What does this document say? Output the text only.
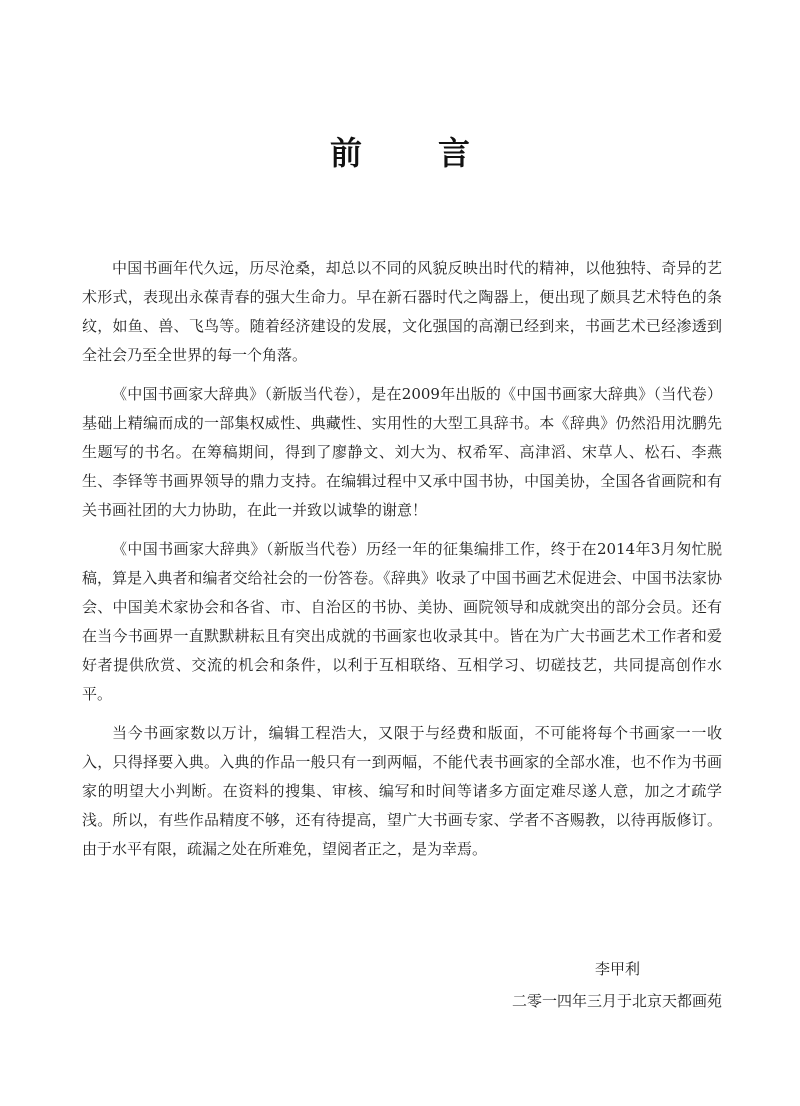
前　言

中国书画年代久远，历尽沧桑，却总以不同的风貌反映出时代的精神，以他独特、奇异的艺术形式，表现出永葆青春的强大生命力。早在新石器时代之陶器上，便出现了颇具艺术特色的条纹，如鱼、兽、飞鸟等。随着经济建设的发展，文化强国的高潮已经到来，书画艺术已经渗透到全社会乃至全世界的每一个角落。

《中国书画家大辞典》（新版当代卷），是在2009年出版的《中国书画家大辞典》（当代卷）基础上精编而成的一部集权威性、典藏性、实用性的大型工具辞书。本《辞典》仍然沿用沈鹏先生题写的书名。在筹稿期间，得到了廖静文、刘大为、权希军、高津滔、宋草人、松石、李燕生、李铎等书画界领导的鼎力支持。在编辑过程中又承中国书协，中国美协，全国各省画院和有关书画社团的大力协助，在此一并致以诚挚的谢意！

《中国书画家大辞典》（新版当代卷）历经一年的征集编排工作，终于在2014年3月匆忙脱稿，算是入典者和编者交给社会的一份答卷。《辞典》收录了中国书画艺术促进会、中国书法家协会、中国美术家协会和各省、市、自治区的书协、美协、画院领导和成就突出的部分会员。还有在当今书画界一直默默耕耘且有突出成就的书画家也收录其中。皆在为广大书画艺术工作者和爱好者提供欣赏、交流的机会和条件，以利于互相联络、互相学习、切磋技艺，共同提高创作水平。

当今书画家数以万计，编辑工程浩大，又限于与经费和版面，不可能将每个书画家一一收入，只得择要入典。入典的作品一般只有一到两幅，不能代表书画家的全部水准，也不作为书画家的明望大小判断。在资料的搜集、审核、编写和时间等诸多方面定难尽遂人意，加之才疏学浅。所以，有些作品精度不够，还有待提高，望广大书画专家、学者不吝赐教，以待再版修订。由于水平有限，疏漏之处在所难免，望阅者正之，是为幸焉。

李甲利
二零一四年三月于北京天都画苑
